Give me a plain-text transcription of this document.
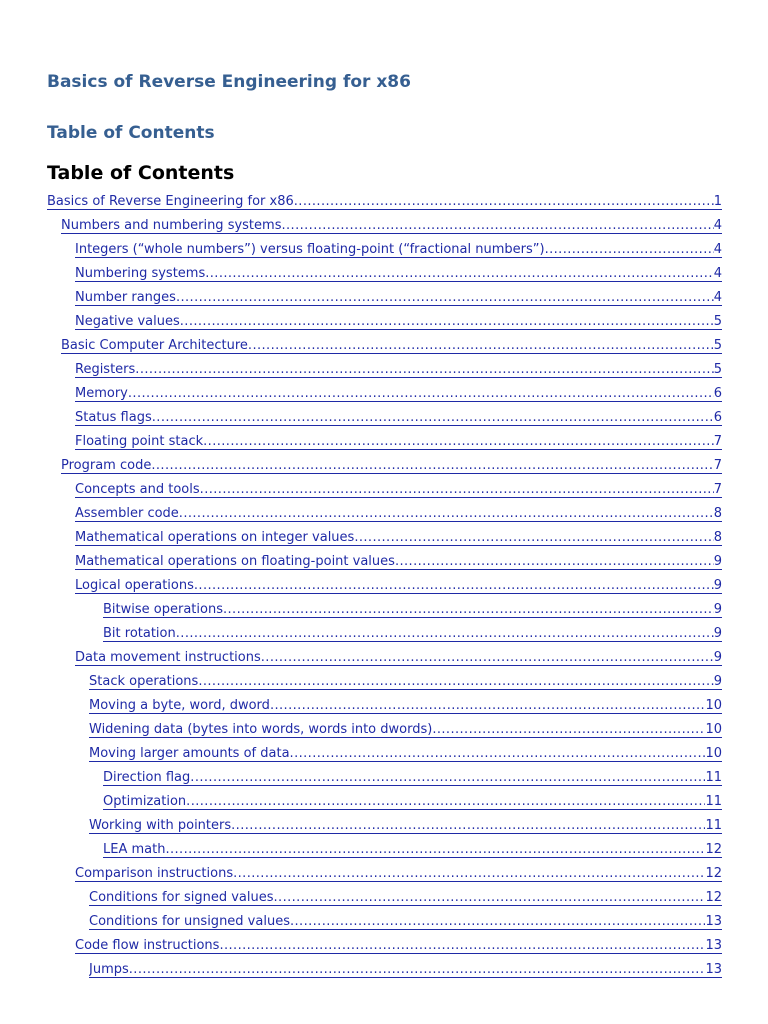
Basics of Reverse Engineering for x86
Table of Contents
Table of Contents
Basics of Reverse Engineering for x86 .....	1
Numbers and numbering systems .....	4
Integers (“whole numbers”) versus floating-point (“fractional numbers”) .....	4
Numbering systems .....	4
Number ranges .....	4
Negative values .....	5
Basic Computer Architecture .....	5
Registers .....	5
Memory .....	6
Status flags .....	6
Floating point stack .....	7
Program code .....	7
Concepts and tools .....	7
Assembler code .....	8
Mathematical operations on integer values .....	8
Mathematical operations on floating-point values .....	9
Logical operations .....	9
Bitwise operations .....	9
Bit rotation .....	9
Data movement instructions .....	9
Stack operations .....	9
Moving a byte, word, dword .....	10
Widening data (bytes into words, words into dwords) .....	10
Moving larger amounts of data .....	10
Direction flag .....	11
Optimization .....	11
Working with pointers .....	11
LEA math .....	12
Comparison instructions .....	12
Conditions for signed values .....	12
Conditions for unsigned values .....	13
Code flow instructions .....	13
Jumps .....	13
